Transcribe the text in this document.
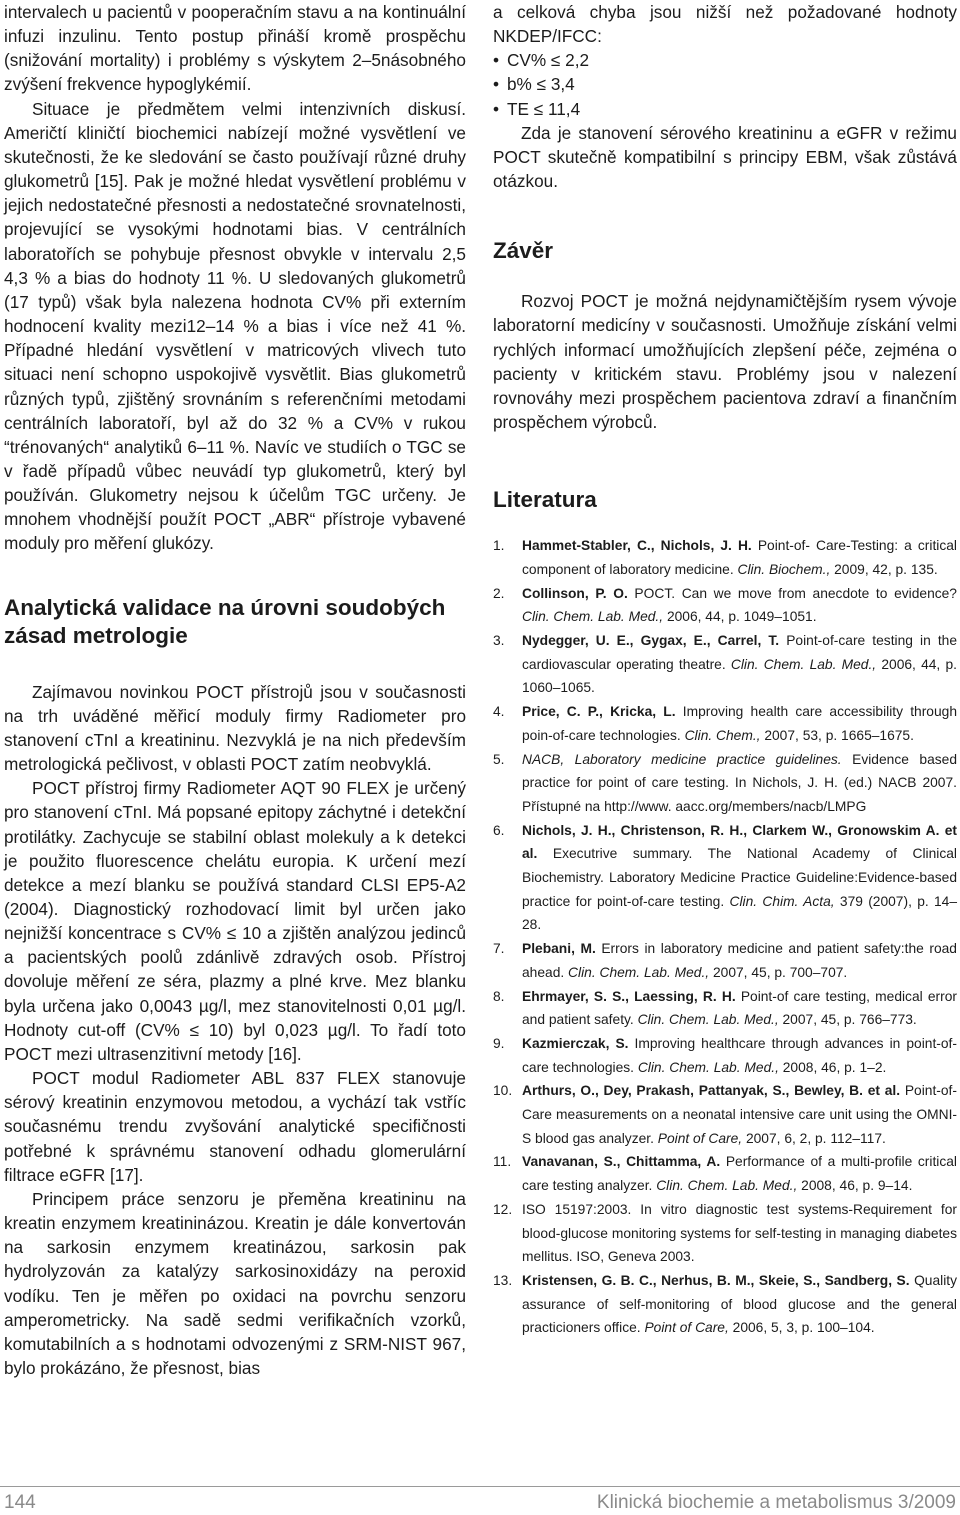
intervalech u pacientů v pooperačním stavu a na kontinuální infuzi inzulinu. Tento postup přináší kromě prospěchu (snižování mortality) i problémy s výskytem 2–5násobného zvýšení frekvence hypoglykémií.

Situace je předmětem velmi intenzivních diskusí. Američtí kliničtí biochemici nabízejí možné vysvětlení ve skutečnosti, že ke sledování se často používají různé druhy glukometrů [15]. Pak je možné hledat vysvětlení problému v jejich nedostatečné přesnosti a nedostatečné srovnatelnosti, projevující se vysokými hodnotami bias. V centrálních laboratořích se pohybuje přesnost obvykle v intervalu 2,5 4,3 % a bias do hodnoty 11 %. U sledovaných glukometrů (17 typů) však byla nalezena hodnota CV% při externím hodnocení kvality mezi12–14 % a bias i více než 41 %. Případné hledání vysvětlení v matricových vlivech tuto situaci není schopno uspokojivě vysvětlit. Bias glukometrů různých typů, zjištěný srovnáním s referenčními metodami centrálních laboratoří, byl až do 32 % a CV% v rukou “trénovaných“ analytiků 6–11 %. Navíc ve studiích o TGC se v řadě případů vůbec neuvádí typ glukometrů, který byl používán. Glukometry nejsou k účelům TGC určeny. Je mnohem vhodnější použít POCT „ABR“ přístroje vybavené moduly pro měření glukózy.

Analytická validace na úrovni soudobých zásad metrologie

Zajímavou novinkou POCT přístrojů jsou v současnosti na trh uváděné měřicí moduly firmy Radiometer pro stanovení cTnI a kreatininu. Nezvyklá je na nich především metrologická pečlivost, v oblasti POCT zatím neobvyklá.

POCT přístroj firmy Radiometer AQT 90 FLEX je určený pro stanovení cTnI. Má popsané epitopy záchytné i detekční protilátky. Zachycuje se stabilní oblast molekuly a k detekci je použito fluorescence chelátu europia. K určení mezí detekce a mezí blanku se používá standard CLSI EP5-A2 (2004). Diagnostický rozhodovací limit byl určen jako nejnižší koncentrace s CV% ≤ 10 a zjištěn analýzou jedinců a pacientských poolů zdánlivě zdravých osob. Přístroj dovoluje měření ze séra, plazmy a plné krve. Mez blanku byla určena jako 0,0043 µg/l, mez stanovitelnosti 0,01 µg/l. Hodnoty cut-off (CV% ≤ 10) byl 0,023 µg/l. To řadí toto POCT mezi ultrasenzitivní metody [16].

POCT modul Radiometer ABL 837 FLEX stanovuje sérový kreatinin enzymovou metodou, a vychází tak vstříc současnému trendu zvyšování analytické specifičnosti potřebné k správnému stanovení odhadu glomerulární filtrace eGFR [17].

Principem práce senzoru je přeměna kreatininu na kreatin enzymem kreatininázou. Kreatin je dále konvertován na sarkosin enzymem kreatinázou, sarkosin pak hydrolyzován za katalýzy sarkosinoxidázy na peroxid vodíku. Ten je měřen po oxidaci na povrchu senzoru amperometricky. Na sadě sedmi verifikačních vzorků, komutabilních a s hodnotami odvozenými z SRM-NIST 967, bylo prokázáno, že přesnost, bias

a celková chyba jsou nižší než požadované hodnoty NKDEP/IFCC:

• CV% ≤ 2,2
• b% ≤ 3,4
• TE ≤ 11,4

Zda je stanovení sérového kreatininu a eGFR v režimu POCT skutečně kompatibilní s principy EBM, však zůstává otázkou.

Závěr

Rozvoj POCT je možná nejdynamičtějším rysem vývoje laboratorní medicíny v současnosti. Umožňuje získání velmi rychlých informací umožňujících zlepšení péče, zejména o pacienty v kritickém stavu. Problémy jsou v nalezení rovnováhy mezi prospěchem pacientova zdraví a finančním prospěchem výrobců.

Literatura
1. Hammet-Stabler, C., Nichols, J. H. Point-of- Care-Testing: a critical component of laboratory medicine. Clin. Biochem., 2009, 42, p. 135.
2. Collinson, P. O. POCT. Can we move from anecdote to evidence? Clin. Chem. Lab. Med., 2006, 44, p. 1049–1051.
3. Nydegger, U. E., Gygax, E., Carrel, T. Point-of-care testing in the cardiovascular operating theatre. Clin. Chem. Lab. Med., 2006, 44, p. 1060–1065.
4. Price, C. P., Kricka, L. Improving health care accessibility through poin-of-care technologies. Clin. Chem., 2007, 53, p. 1665–1675.
5. NACB, Laboratory medicine practice guidelines. Evidence based practice for point of care testing. In Nichols, J. H. (ed.) NACB 2007. Přístupné na http://www. aacc.org/members/nacb/LMPG
6. Nichols, J. H., Christenson, R. H., Clarkem W., Gronowskim A. et al. Executrive summary. The National Academy of Clinical Biochemistry. Laboratory Medicine Practice Guideline:Evidence-based practice for point-of-care testing. Clin. Chim. Acta, 379 (2007), p. 14–28.
7. Plebani, M. Errors in laboratory medicine and patient safety:the road ahead. Clin. Chem. Lab. Med., 2007, 45, p. 700–707.
8. Ehrmayer, S. S., Laessing, R. H. Point-of care testing, medical error and patient safety. Clin. Chem. Lab. Med., 2007, 45, p. 766–773.
9. Kazmierczak, S. Improving healthcare through advances in point-of-care technologies. Clin. Chem. Lab. Med., 2008, 46, p. 1–2.
10. Arthurs, O., Dey, Prakash, Pattanyak, S., Bewley, B. et al. Point-of-Care measurements on a neonatal intensive care unit using the OMNI-S blood gas analyzer. Point of Care, 2007, 6, 2, p. 112–117.
11. Vanavanan, S., Chittamma, A. Performance of a multi-profile critical care testing analyzer. Clin. Chem. Lab. Med., 2008, 46, p. 9–14.
12. ISO 15197:2003. In vitro diagnostic test systems-Requirement for blood-glucose monitoring systems for self-testing in managing diabetes mellitus. ISO, Geneva 2003.
13. Kristensen, G. B. C., Nerhus, B. M., Skeie, S., Sandberg, S. Quality assurance of self-monitoring of blood glucose and the general practicioners office. Point of Care, 2006, 5, 3, p. 100–104.
144	Klinická biochemie a metabolismus 3/2009
